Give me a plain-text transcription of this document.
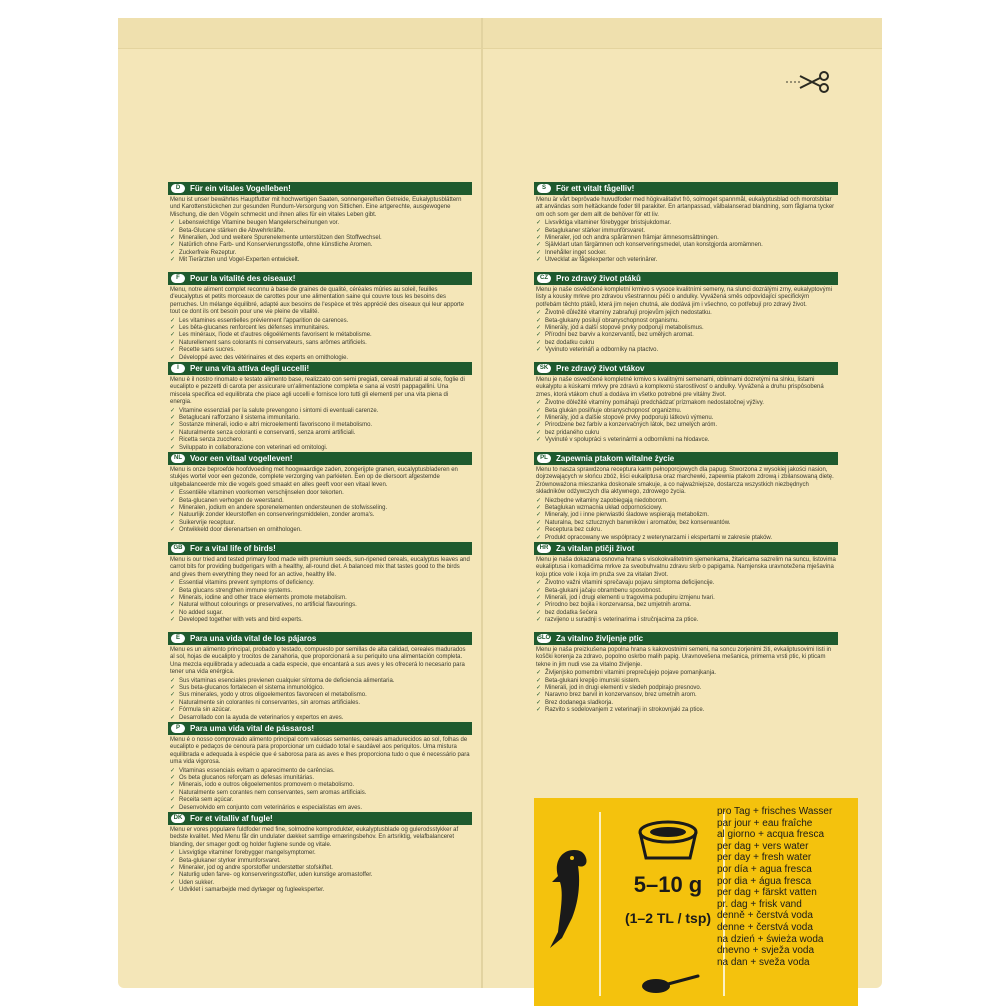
D	Für ein vitales Vogelleben!

Menu ist unser bewährtes Hauptfutter mit hochwertigen Saaten, sonnengereiften Getreide, Eukalyptusblättern und Karottenstückchen zur gesunden Rundum-Versorgung von Sittichen. Eine artgerechte, ausgewogene Mischung, die den Vögeln schmeckt und ihnen alles für ein vitales Leben gibt.

✓ Lebenswichtige Vitamine beugen Mangelerscheinungen vor.
✓ Beta-Glucane stärken die Abwehrkräfte.
✓ Mineralien, Jod und weitere Spurenelemente unterstützen den Stoffwechsel.
✓ Natürlich ohne Farb- und Konservierungsstoffe, ohne künstliche Aromen.
✓ Zuckerfreie Rezeptur.
✓ Mit Tierärzten und Vogel-Experten entwickelt.
F	Pour la vitalité des oiseaux!

Menu, notre aliment complet reconnu à base de graines de qualité, céréales mûries au soleil, feuilles d'eucalyptus et petits morceaux de carottes pour une alimentation saine qui couvre tous les besoins des perruches. Un mélange équilibré, adapté aux besoins de l'espèce et très apprécié des oiseaux qui leur apporte tout ce dont ils ont besoin pour une vie pleine de vitalité.

✓ Les vitamines essentielles préviennent l'apparition de carences.
✓ Les bêta-glucanes renforcent les défenses immunitaires.
✓ Les minéraux, l'iode et d'autres oligoéléments favorisent le métabolisme.
✓ Naturellement sans colorants ni conservateurs, sans arômes artificiels.
✓ Recette sans sucres.
✓ Développé avec des vétérinaires et des experts en ornithologie.
I	Per una vita attiva degli uccelli!

Menu è il nostro rinomato e testato alimento base, realizzato con semi pregiati, cereali maturati al sole, foglie di eucalipto e pezzetti di carota per assicurare un'alimentazione completa e sana ai vostri pappagallini. Una miscela specifica ed equilibrata che piace agli uccelli e fornisce loro tutti gli elementi per una vita piena di energia.

✓ Vitamine essenziali per la salute prevengono i sintomi di eventuali carenze.
✓ Betaglucani rafforzano il sistema immunitario.
✓ Sostanze minerali, iodio e altri microelementi favoriscono il metabolismo.
✓ Naturalmente senza coloranti e conservanti, senza aromi artificiali.
✓ Ricetta senza zucchero.
✓ Sviluppato in collaborazione con veterinari ed ornitologi.
NL	Voor een vitaal vogelleven!

Menu is onze beproefde hoofdvoeding met hoogwaardige zaden, zongerijpte granen, eucalyptusbladeren en stukjes wortel voor een gezonde, complete verzorging van parkieten. Een op de diersoort afgestemde uitgebalanceerde mix die vogels goed smaakt en alles geeft voor een vitaal leven.

✓ Essentiële vitaminen voorkomen verschijnselen door tekorten.
✓ Beta-glucanen verhogen de weerstand.
✓ Mineralen, jodium en andere sporenelementen ondersteunen de stofwisseling.
✓ Natuurlijk zonder kleurstoffen en conserveringsmiddelen, zonder aroma's.
✓ Suikervrije receptuur.
✓ Ontwikkeld door dierenartsen en ornithologen.
GB For a vital life of birds!

Menu is our tried and tested primary food made with premium seeds, sun-ripened cereals, eucalyptus leaves and carrot bits for providing budgerigars with a healthy, all-round diet. A balanced mix that tastes good to the birds and gives them everything they need for an active, healthy life.

✓ Essential vitamins prevent symptoms of deficiency.
✓ Beta glucans strengthen immune systems.
✓ Minerals, iodine and other trace elements promote metabolism.
✓ Natural without colourings or preservatives, no artificial flavourings.
✓ No added sugar.
✓ Developed together with vets and bird experts.
E	Para una vida vital de los pájaros

Menu es un alimento principal, probado y testado, compuesto por semillas de alta calidad, cereales madurados al sol, hojas de eucalipto y trocitos de zanahoria, que proporcionará a su periquito una alimentación completa. Una mezcla equilibrada y adecuada a cada especie, que encantará a sus aves y les ofrecerá lo necesario para tener una vida enérgica.

✓ Sus vitaminas esenciales previenen cualquier síntoma de deficiencia alimentaria.
✓ Sus beta-glucanos fortalecen el sistema inmunológico.
✓ Sus minerales, yodo y otros oligoelementos favorecen el metabolismo.
✓ Naturalmente sin colorantes ni conservantes, sin aromas artificiales.
✓ Fórmula sin azúcar.
✓ Desarrollado con la ayuda de veterinarios y expertos en aves.
P	Para uma vida vital de pássaros!

Menu é o nosso comprovado alimento principal com valiosas sementes, cereais amadurecidos ao sol, folhas de eucalipto e pedaços de cenoura para proporcionar um cuidado total e saudável aos periquitos. Uma mistura equilibrada e adequada à espécie que é saborosa para as aves e lhes proporciona tudo o que é necessário para uma vida vigorosa.

✓ Vitaminas essenciais evitam o aparecimento de carências.
✓ Os beta glucanos reforçam as defesas imunitárias.
✓ Minerais, iodo e outros oligoelementos promovem o metabolismo.
✓ Naturalmente sem corantes nem conservantes, sem aromas artificiais.
✓ Receita sem açúcar.
✓ Desenvolvido em conjunto com veterinários e especialistas em aves.
DK For et vitalliv af fugle!

Menu er vores populære fuldfoder med fine, solmodne kornprodukter, eukalyptusblade og gulerodsstykker af bedste kvalitet. Med Menu får din undulater dækket samtlige ernæringsbehov. En artsriktig, velafbalanceret blanding, der smager godt og holder fuglene sunde og vitale.

✓ Livsvigtige vitaminer forebygger mangelsymptomer.
✓ Beta-glukaner styrker immunforsvaret.
✓ Mineraler, jod og andre sporstoffer understøtter stofskiftet.
✓ Naturlig uden farve- og konserveringsstoffer, uden kunstige aromastoffer.
✓ Uden sukker.
✓ Udviklet i samarbejde med dyrlæger og fugleeksperter.
S	För ett vitalt fågelliv!

Menu är vårt beprövade huvudfoder med högkvalitativt frö, solmoget spannmål, eukalyptusblad och morotsbitar att användas som heltäckande foder till parakiter. En artanpassad, välbalanserad blandning, som fåglarna tycker om och som ger dem allt de behöver för ett liv.

✓ Livsviktiga vitaminer förebygger bristsjukdomar.
✓ Betaglukaner stärker immunförsvaret.
✓ Mineraler, jod och andra spårämnen främjar ämnesomsättningen.
✓ Självklart utan färgämnen och konserveringsmedel, utan konstgjorda aromämnen.
✓ Innehåller inget socker.
✓ Utvecklat av fågelexperter och veterinärer.
CZ	Pro zdravý život ptáků

Menu je naše osvědčené kompletní krmivo s vysoce kvalitními semeny, na slunci dozrálými zrny, eukalyptovými listy a kousky mrkve pro zdravou všestrannou péči o andulky. Vyvážená směs odpovídající specifickým potřebám těchto ptáků, která jim nejen chutná, ale dodává jim i všechno, co potřebují pro zdravý život.

✓ Životně důležité vitamíny zabraňují projevům jejich nedostatku.
✓ Beta-glukany posilují obranyschopnost organismu.
✓ Minerály, jód a další stopové prvky podporují metabolismus.
✓ Přírodní bez barviv a konzervantů, bez umělých aromat.
✓ bez dodatku cukru
✓ Vyvinuto veterináři a odborníky na ptactvo.
SK Pre zdravý život vtákov

Menu je naše osvedčené kompletné krmivo s kvalitnými semenami, oblinnami dozretými na slnku, listami eukalyptu a kúskami mrkvy pre zdravú a komplexnú starostlivosť o andulky. Vyvážená a druhu prispôsobená zmes, ktorá vtákom chutí a dodáva im všetko potrebné pre vitálny život.

✓ Životne dôležité vitamíny pomáhajú predchádzať prízmakom nedostatočnej výživy.
✓ Beta glukán posilňuje obranyschopnosť organizmu.
✓ Minerály, jód a ďalšie stopové prvky podporujú látkovú výmenu.
✓ Prirodzene bez farbív a konzervačných látok, bez umelých aróm.
✓ bez pridaného cukru
✓ Vyvinuté v spolupráci s veterinármi a odborníkmi na hlodavce.
PL	Zapewnia ptakom witalne życie

Menu to nasza sprawdzona receptura karm pełnoporcjowych dla papug. Stworzona z wysokiej jakości nasion, dojrzewających w słońcu zbóż, liści eukaliptusa oraz marchewki, zapewnia ptakom zdrową i zbilansowaną dietę. Zrównoważona mieszanka doskonale smakuje, a co najważniejsze, dostarcza wszystkich niezbędnych składników odżywczych dla aktywnego, zdrowego życia.

✓ Niezbędne witaminy zapobiegają niedoborom.
✓ Betaglukan wzmacnia układ odpornościowy.
✓ Minerały, jod i inne pierwiastki śladowe wspierają metabolizm.
✓ Naturalna, bez sztucznych barwników i aromatów, bez konserwantów.
✓ Receptura bez cukru.
✓ Produkt opracowany we współpracy z weterynarzami i ekspertami w zakresie ptaków.
HR Za vitalan ptičji život

Menu je naša dokazana osnovna hrana s visokokvalitetnim sjemenkama, žitaricama sazrelim na suncu, listovima eukaliptusa i komadićima mrkve za sveobuhvatnu zdravu skrb o papigama. Namjenska uravnotežena mješavina koju ptice vole i koja im pruža sve za vitalan život.

✓ Životno važni vitamini sprečavaju pojavu simptoma deficijencije.
✓ Beta-glukani jačaju obrambenu sposobnost.
✓ Minerali, jod i drugi elementi u tragovima podupiru izmjenu tvari.
✓ Prirodno bez bojila i konzervansa, bez umjetnih aroma.
✓ bez dodatka šećera
✓ razvijeno u suradnji s veterinarima i stručnjacima za ptice.
SLO Za vitalno življenje ptic

Menu je naša preizkušena popolna hrana s kakovostnimi semeni, na soncu zorjenimi žiti, evkaliptusovimi listi in koščki korenja za zdravo, popolno oskrbo malih papig. Uravnovešena mešanica, primerna vrsti ptic, ki pticam tekne in jim nudi vse za vitalno življenje.

✓ Življenjsko pomembni vitamini preprečujejo pojave pomanjkanja.
✓ Beta-glukani krepijo imunski sistem.
✓ Minerali, jod in drugi elementi v sledeh podpirajo presnovo.
✓ Naravno brez barvil in konzervansov, brez umetnih arom.
✓ Brez dodanega sladkorja.
✓ Razvito s sodelovanjem z veterinarji in strokovnjaki za ptice.
5–10 g
(1–2 TL / tsp)
pro Tag + frisches Wasser
par jour + eau fraîche
al giorno + acqua fresca
per dag + vers water
per day + fresh water
por día + agua fresca
por dia + água fresca
per dag + färskt vatten
pr. dag + frisk vand
denně + čerstvá voda
denne + čerstvá voda
na dzień + świeża woda
dnevno + svježa voda
na dan + sveža voda
